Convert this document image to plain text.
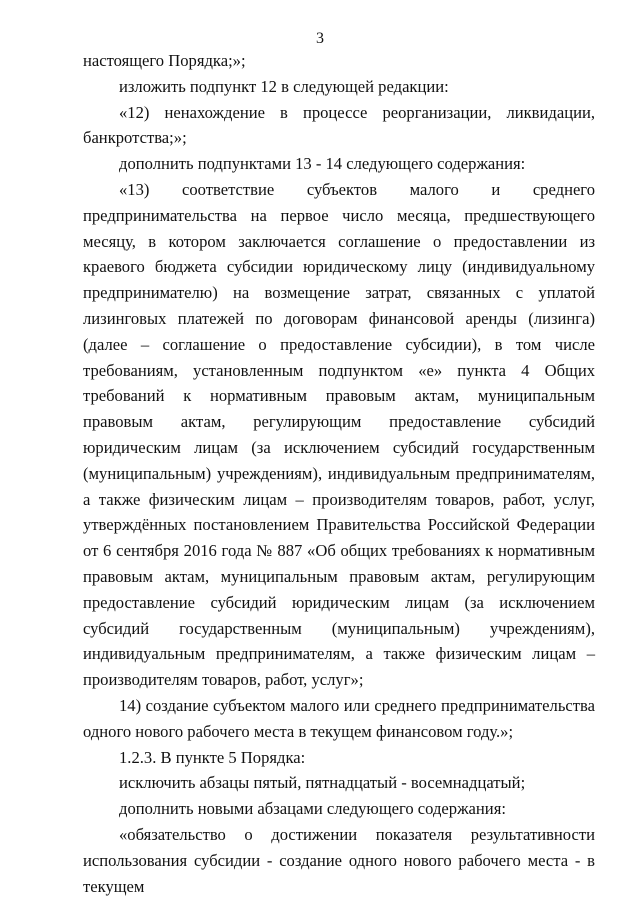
3

настоящего Порядка;»;

изложить подпункт 12 в следующей редакции:

«12) ненахождение в процессе реорганизации, ликвидации, банкротства;»;

дополнить подпунктами 13 - 14 следующего содержания:

«13) соответствие субъектов малого и среднего предпринимательства на первое число месяца, предшествующего месяцу, в котором заключается соглашение о предоставлении из краевого бюджета субсидии юридическому лицу (индивидуальному предпринимателю) на возмещение затрат, связанных с уплатой лизинговых платежей по договорам финансовой аренды (лизинга) (далее – соглашение о предоставление субсидии), в том числе требованиям, установленным подпунктом «е» пункта 4 Общих требований к нормативным правовым актам, муниципальным правовым актам, регулирующим предоставление субсидий юридическим лицам (за исключением субсидий государственным (муниципальным) учреждениям), индивидуальным предпринимателям, а также физическим лицам – производителям товаров, работ, услуг, утверждённых постановлением Правительства Российской Федерации от 6 сентября 2016 года № 887 «Об общих требованиях к нормативным правовым актам, муниципальным правовым актам, регулирующим предоставление субсидий юридическим лицам (за исключением субсидий государственным (муниципальным) учреждениям), индивидуальным предпринимателям, а также физическим лицам – производителям товаров, работ, услуг»;

14) создание субъектом малого или среднего предпринимательства одного нового рабочего места в текущем финансовом году.»;

1.2.3. В пункте 5 Порядка:

исключить абзацы пятый, пятнадцатый - восемнадцатый;

дополнить новыми абзацами следующего содержания:

«обязательство о достижении показателя результативности использования субсидии - создание одного нового рабочего места - в текущем
